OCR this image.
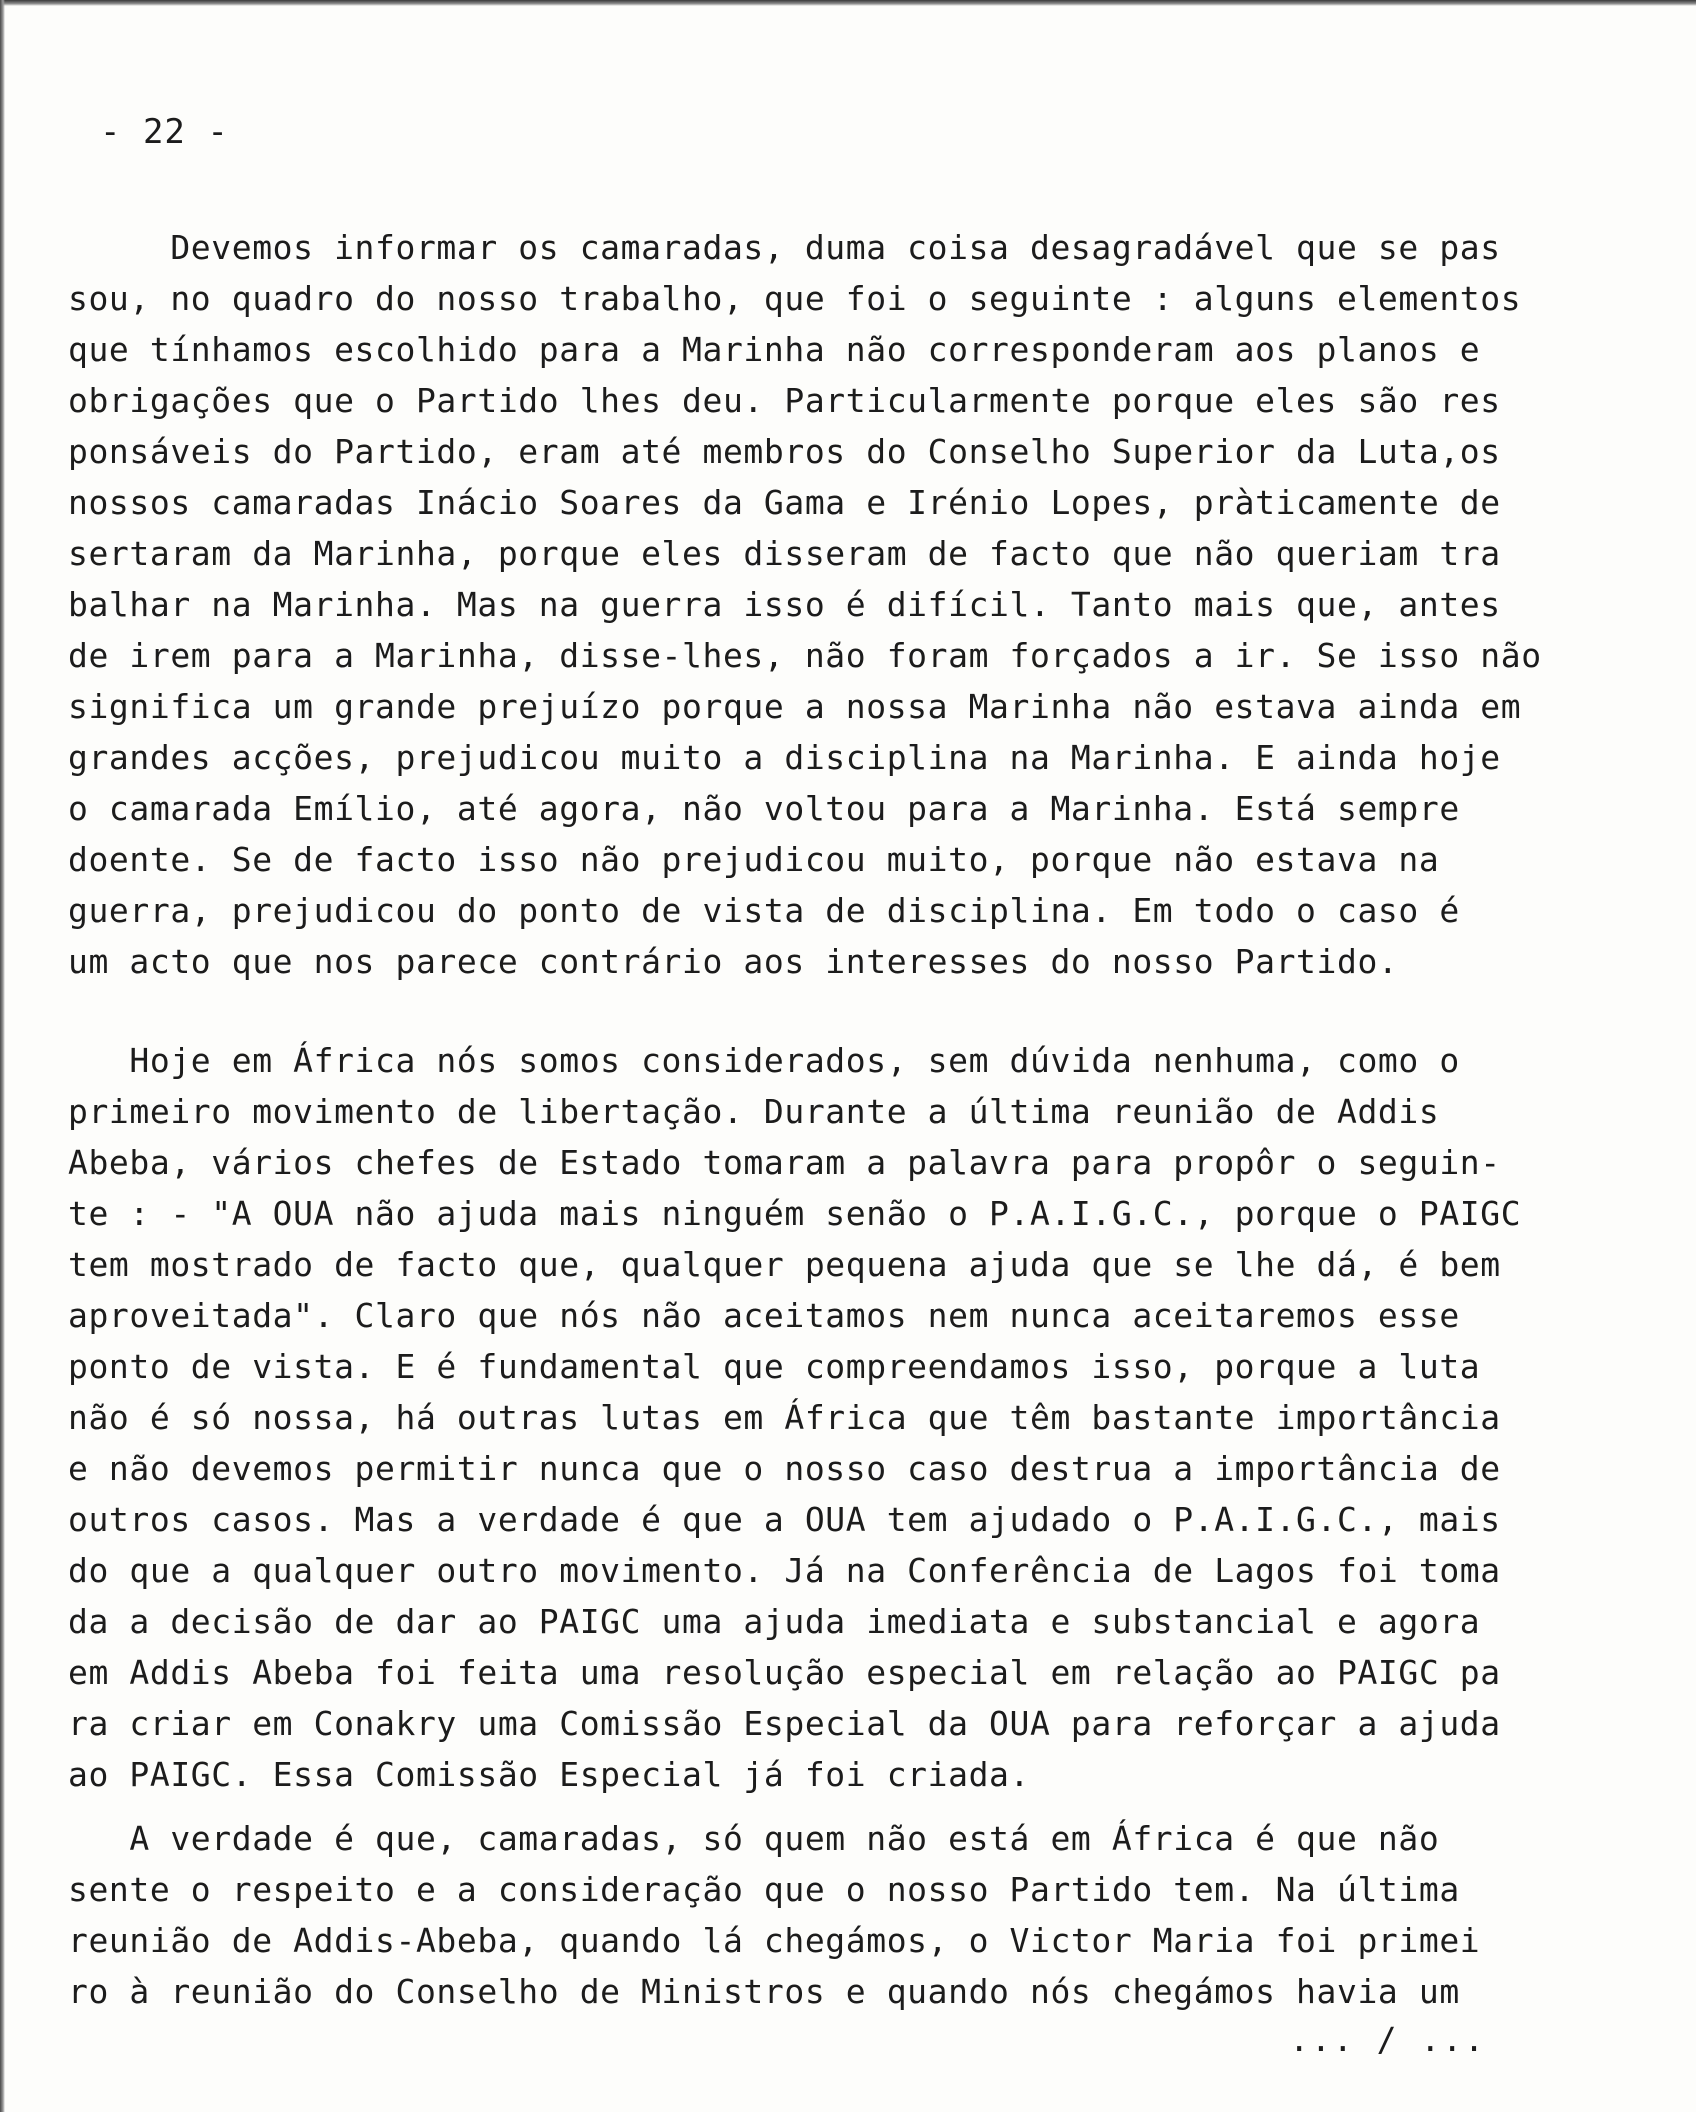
- 22 -
Devemos informar os camaradas, duma coisa desagradável que se pas
sou, no quadro do nosso trabalho, que foi o seguinte : alguns elementos
que tínhamos escolhido para a Marinha não corresponderam aos planos e
obrigações que o Partido lhes deu. Particularmente porque eles são res
ponsáveis do Partido, eram até membros do Conselho Superior da Luta,os
nossos camaradas Inácio Soares da Gama e Irénio Lopes, pràticamente de
sertaram da Marinha, porque eles disseram de facto que não queriam tra
balhar na Marinha. Mas na guerra isso é difícil. Tanto mais que, antes
de irem para a Marinha, disse-lhes, não foram forçados a ir. Se isso não
significa um grande prejuízo porque a nossa Marinha não estava ainda em
grandes acções, prejudicou muito a disciplina na Marinha. E ainda hoje
o camarada Emílio, até agora, não voltou para a Marinha. Está sempre
doente. Se de facto isso não prejudicou muito, porque não estava na
guerra, prejudicou do ponto de vista de disciplina. Em todo o caso é
um acto que nos parece contrário aos interesses do nosso Partido.
Hoje em África nós somos considerados, sem dúvida nenhuma, como o
primeiro movimento de libertação. Durante a última reunião de Addis
Abeba, vários chefes de Estado tomaram a palavra para propôr o seguin-
te : - "A OUA não ajuda mais ninguém senão o P.A.I.G.C., porque o PAIGC
tem mostrado de facto que, qualquer pequena ajuda que se lhe dá, é bem
aproveitada". Claro que nós não aceitamos nem nunca aceitaremos esse
ponto de vista. E é fundamental que compreendamos isso, porque a luta
não é só nossa, há outras lutas em África que têm bastante importância
e não devemos permitir nunca que o nosso caso destrua a importância de
outros casos. Mas a verdade é que a OUA tem ajudado o P.A.I.G.C., mais
do que a qualquer outro movimento. Já na Conferência de Lagos foi toma
da a decisão de dar ao PAIGC uma ajuda imediata e substancial e agora
em Addis Abeba foi feita uma resolução especial em relação ao PAIGC pa
ra criar em Conakry uma Comissão Especial da OUA para reforçar a ajuda
ao PAIGC. Essa Comissão Especial já foi criada.
A verdade é que, camaradas, só quem não está em África é que não
sente o respeito e a consideração que o nosso Partido tem. Na última
reunião de Addis-Abeba, quando lá chegámos, o Victor Maria foi primei
ro à reunião do Conselho de Ministros e quando nós chegámos havia um
... / ...
